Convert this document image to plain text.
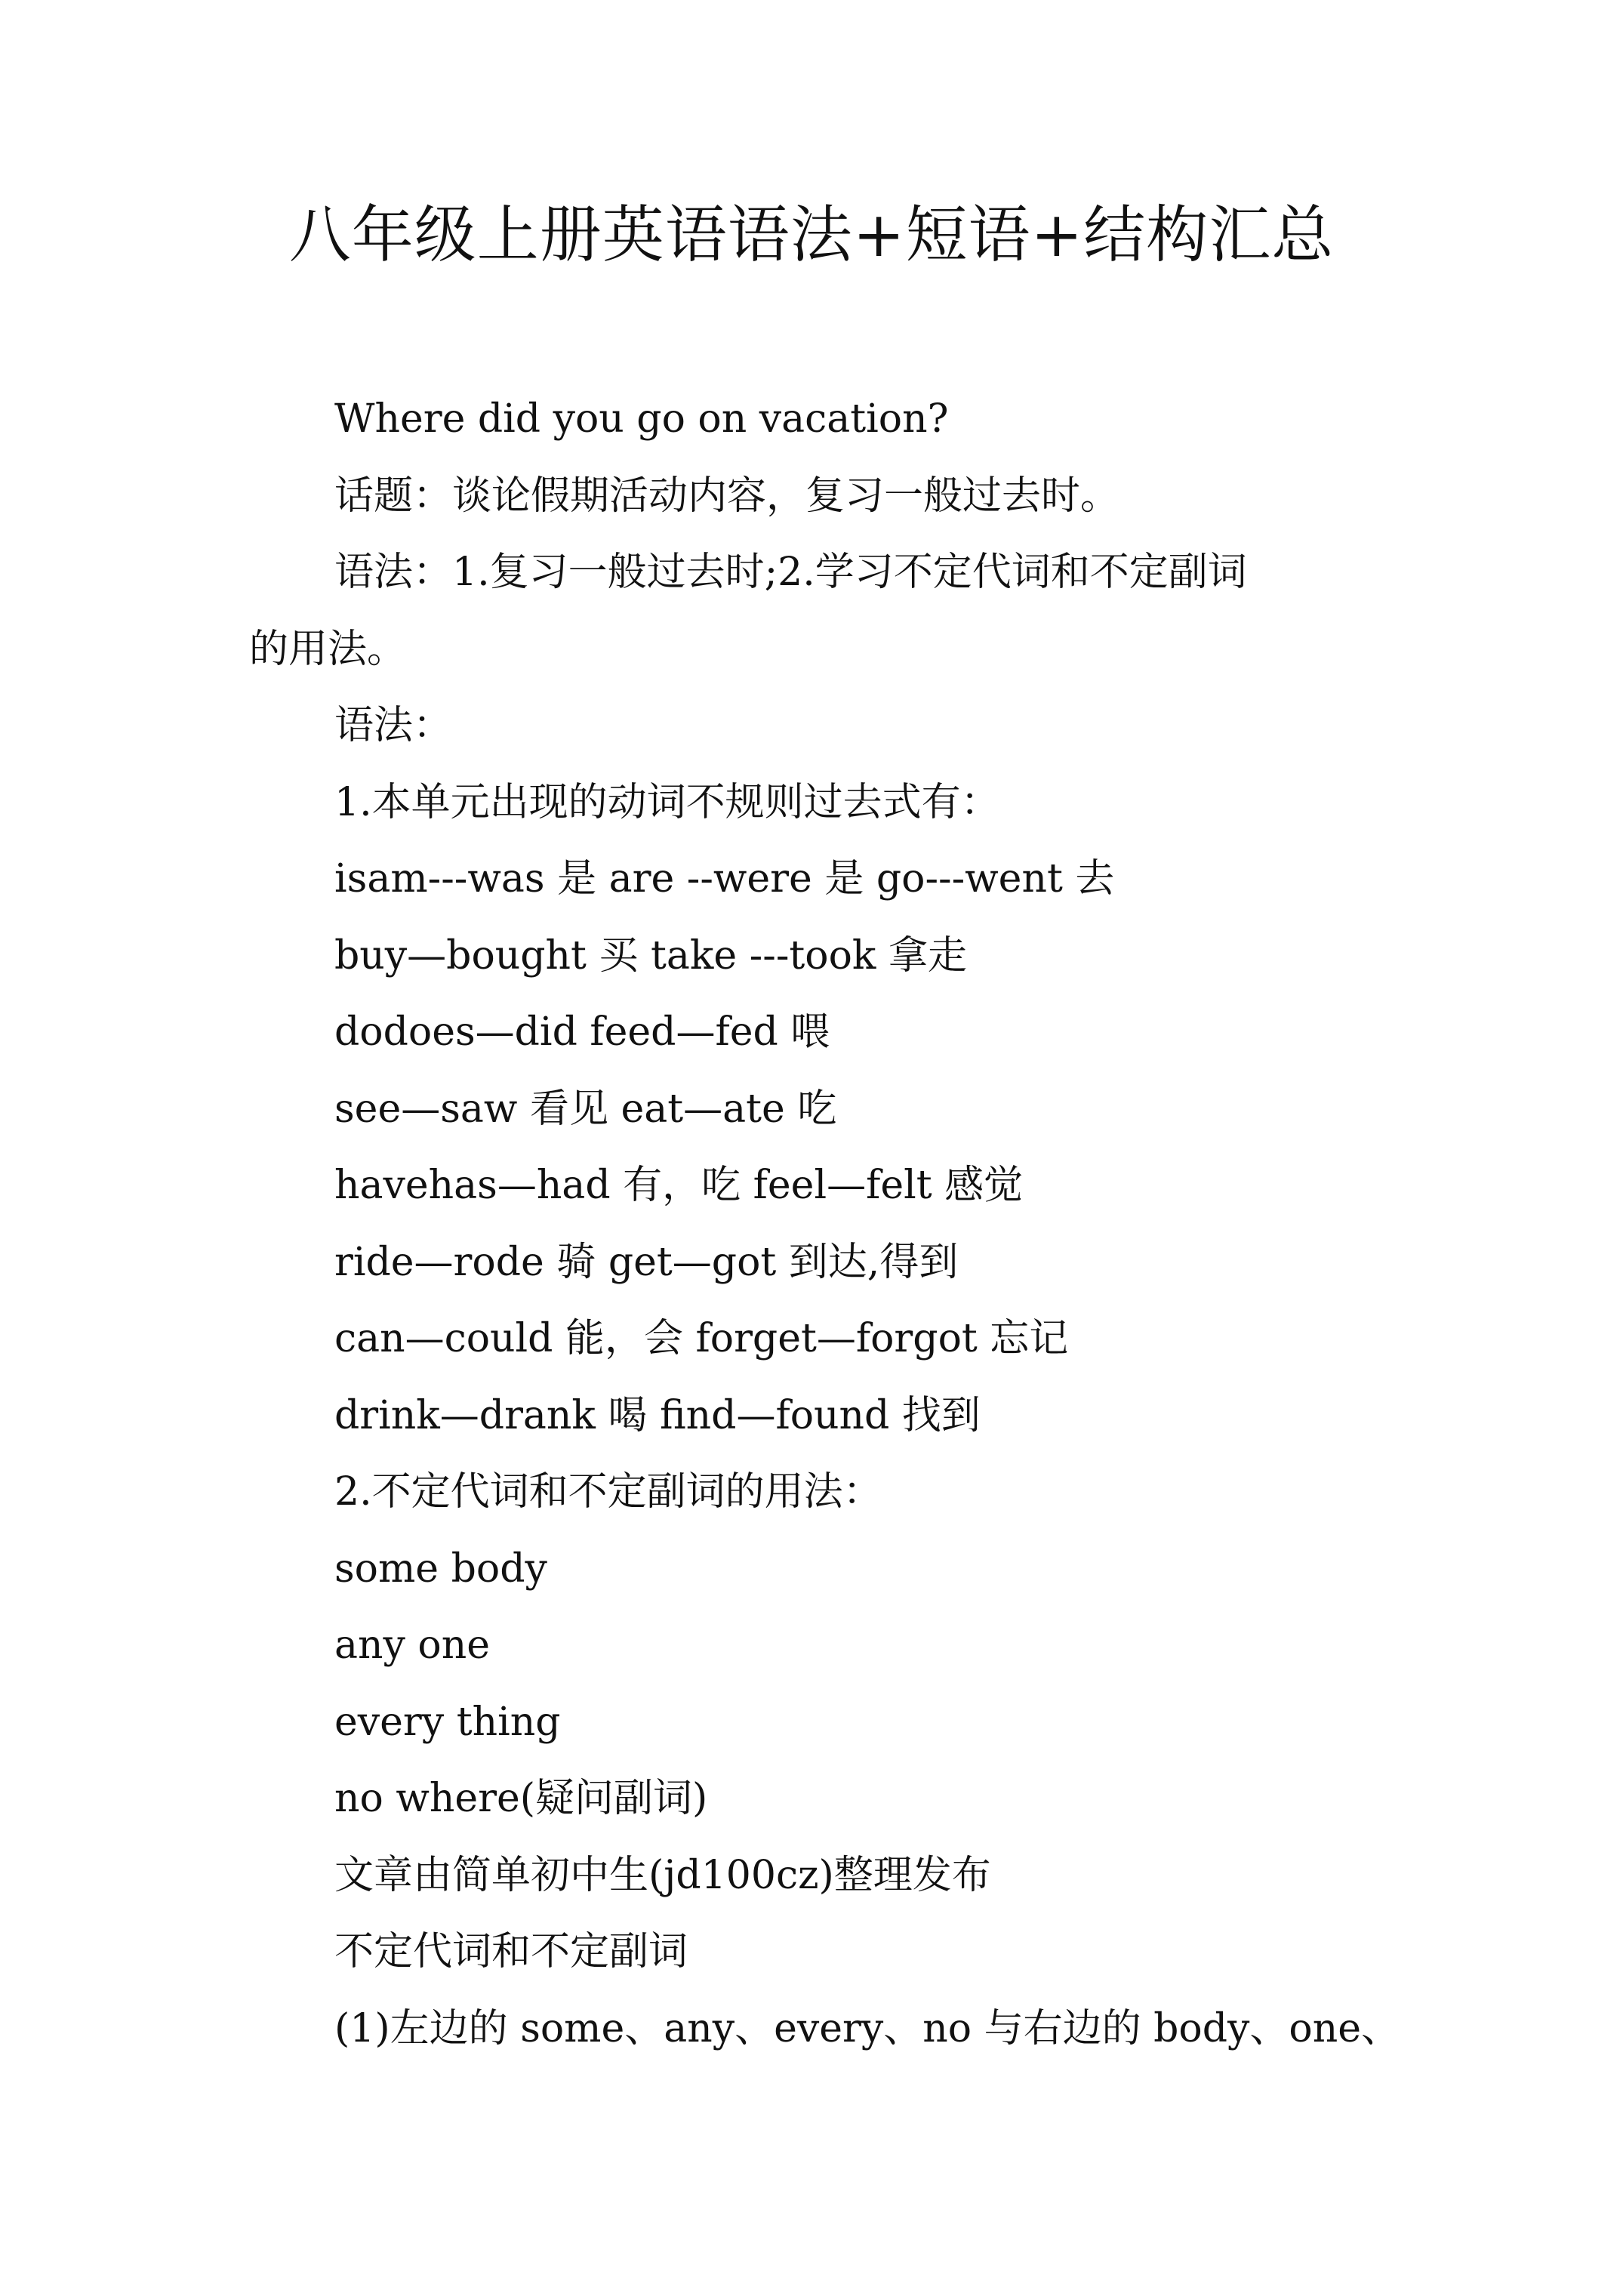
八年级上册英语语法+短语+结构汇总

Where did you go on vacation?

话题：谈论假期活动内容，复习一般过去时。

语法：1.复习一般过去时;2.学习不定代词和不定副词

的用法。

语法：

1.本单元出现的动词不规则过去式有：

isam---was 是 are --were 是 go---went 去

buy—bought 买 take ---took 拿走

dodoes—did feed—fed 喂

see—saw 看见 eat—ate 吃

havehas—had 有，吃 feel—felt 感觉

ride—rode 骑 get—got 到达,得到

can—could 能，会 forget—forgot 忘记

drink—drank 喝 find—found 找到

2.不定代词和不定副词的用法：

some body

any one

every thing

no where(疑问副词)

文章由简单初中生(jd100cz)整理发布

不定代词和不定副词

(1)左边的 some、any、every、no 与右边的 body、one、
